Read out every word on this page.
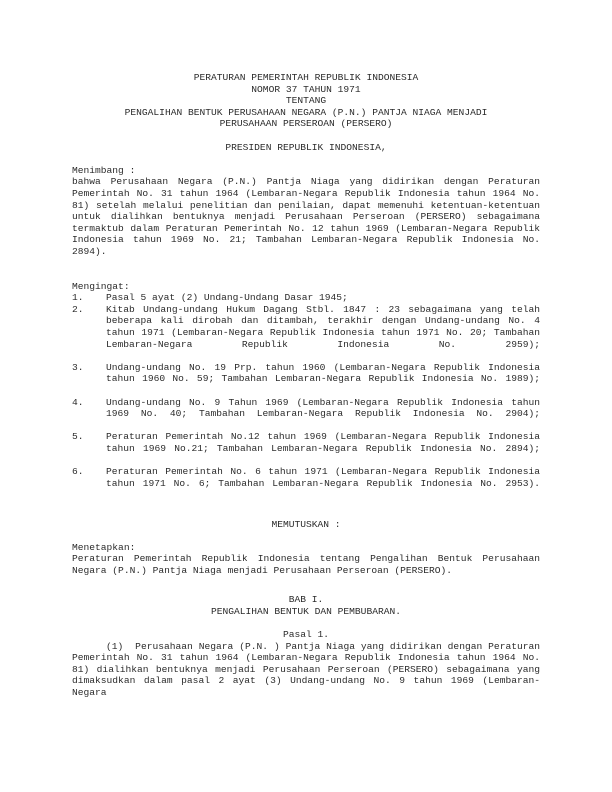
PERATURAN PEMERINTAH REPUBLIK INDONESIA
NOMOR 37 TAHUN 1971
TENTANG
PENGALIHAN BENTUK PERUSAHAAN NEGARA (P.N.) PANTJA NIAGA MENJADI
PERUSAHAAN PERSEROAN (PERSERO)
PRESIDEN REPUBLIK INDONESIA,
Menimbang :
bahwa Perusahaan Negara (P.N.) Pantja Niaga yang didirikan dengan Peraturan Pemerintah No. 31 tahun 1964 (Lembaran-Negara Republik Indonesia tahun 1964 No. 81) setelah melalui penelitian dan penilaian, dapat memenuhi ketentuan-ketentuan untuk dialihkan bentuknya menjadi Perusahaan Perseroan (PERSERO) sebagaimana termaktub dalam Peraturan Pemerintah No. 12 tahun 1969 (Lembaran-Negara Republik Indonesia tahun 1969 No. 21; Tambahan Lembaran-Negara Republik Indonesia No. 2894).
Mengingat:
1.	Pasal 5 ayat (2) Undang-Undang Dasar 1945;
2.	Kitab Undang-undang Hukum Dagang Stbl. 1847 : 23 sebagaimana yang telah beberapa kali dirobah dan ditambah, terakhir dengan Undang-undang No. 4 tahun 1971 (Lembaran-Negara Republik Indonesia tahun 1971 No. 20; Tambahan Lembaran-Negara Republik Indonesia No. 2959);
3.	Undang-undang No. 19 Prp. tahun 1960 (Lembaran-Negara Republik Indonesia tahun 1960 No. 59; Tambahan Lembaran-Negara Republik Indonesia No. 1989);
4.	Undang-undang No. 9 Tahun 1969 (Lembaran-Negara Republik Indonesia tahun 1969 No. 40; Tambahan Lembaran-Negara Republik Indonesia No. 2904);
5.	Peraturan Pemerintah No.12 tahun 1969 (Lembaran-Negara Republik Indonesia tahun 1969 No.21; Tambahan Lembaran-Negara Republik Indonesia No. 2894);
6.	Peraturan Pemerintah No. 6 tahun 1971 (Lembaran-Negara Republik Indonesia tahun 1971 No. 6; Tambahan Lembaran-Negara Republik Indonesia No. 2953).
MEMUTUSKAN :
Menetapkan:
Peraturan Pemerintah Republik Indonesia tentang Pengalihan Bentuk Perusahaan Negara (P.N.) Pantja Niaga menjadi Perusahaan Perseroan (PERSERO).
BAB I.
PENGALIHAN BENTUK DAN PEMBUBARAN.
Pasal 1.
(1)  Perusahaan Negara (P.N. ) Pantja Niaga yang didirikan dengan Peraturan Pemerintah No. 31 tahun 1964 (Lembaran-Negara Republik Indonesia tahun 1964 No. 81) dialihkan bentuknya menjadi Perusahaan Perseroan (PERSERO) sebagaimana yang dimaksudkan dalam pasal 2 ayat (3) Undang-undang No. 9 tahun 1969 (Lembaran-Negara
